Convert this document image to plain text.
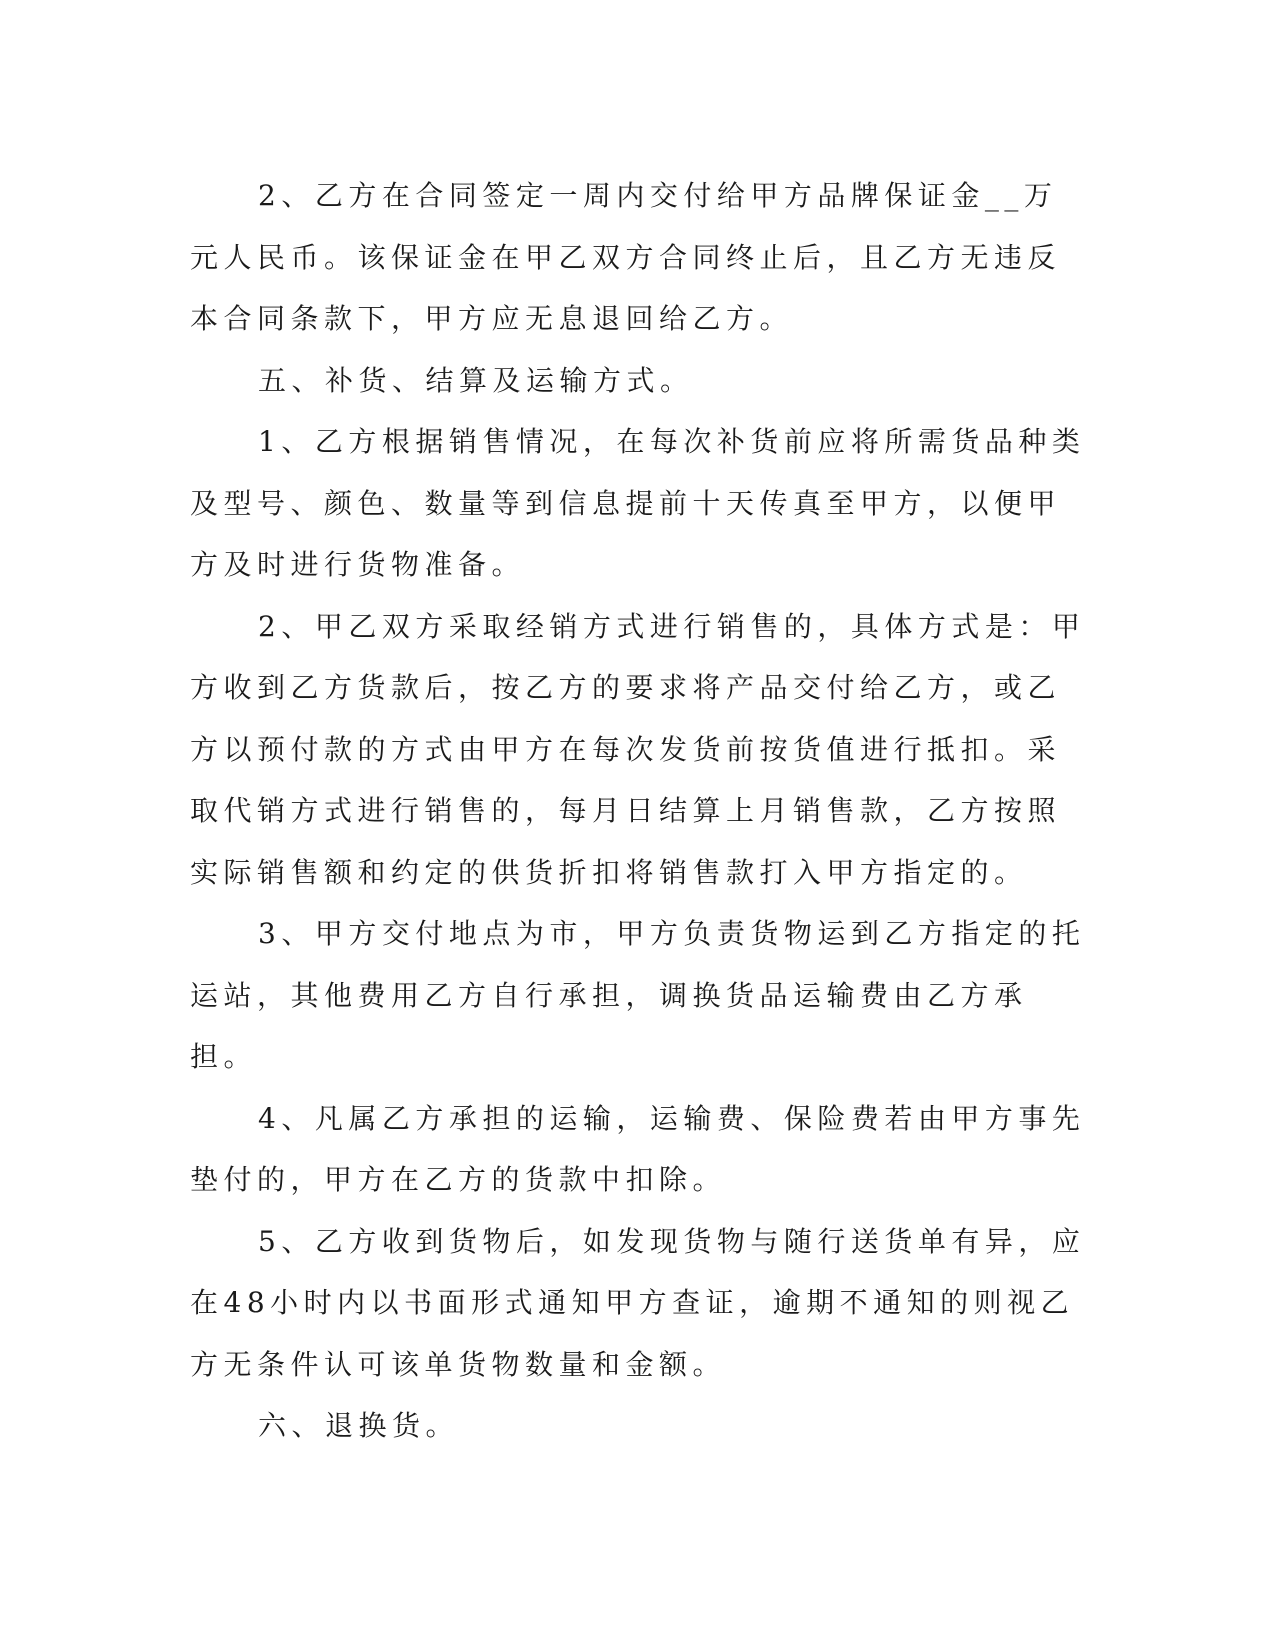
2、乙方在合同签定一周内交付给甲方品牌保证金__万元人民币。该保证金在甲乙双方合同终止后，且乙方无违反本合同条款下，甲方应无息退回给乙方。

五、补货、结算及运输方式。

1、乙方根据销售情况，在每次补货前应将所需货品种类及型号、颜色、数量等到信息提前十天传真至甲方，以便甲方及时进行货物准备。

2、甲乙双方采取经销方式进行销售的，具体方式是：甲方收到乙方货款后，按乙方的要求将产品交付给乙方，或乙方以预付款的方式由甲方在每次发货前按货值进行抵扣。采取代销方式进行销售的，每月日结算上月销售款，乙方按照实际销售额和约定的供货折扣将销售款打入甲方指定的。

3、甲方交付地点为市，甲方负责货物运到乙方指定的托运站，其他费用乙方自行承担，调换货品运输费由乙方承担。

4、凡属乙方承担的运输，运输费、保险费若由甲方事先垫付的，甲方在乙方的货款中扣除。

5、乙方收到货物后，如发现货物与随行送货单有异，应在48小时内以书面形式通知甲方查证，逾期不通知的则视乙方无条件认可该单货物数量和金额。

六、退换货。
